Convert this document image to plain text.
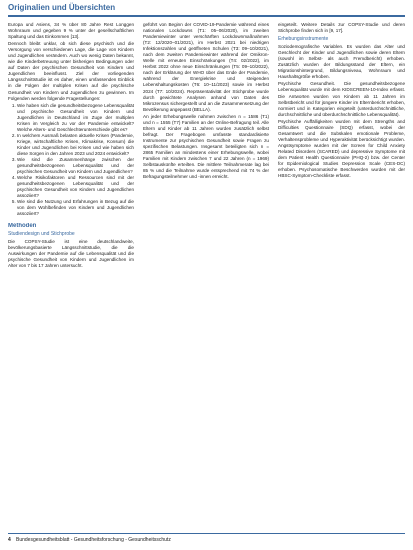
Originalien und Übersichten

Europa und Asiens, 34 % über 80 Jahre Rest Longgen Wohnraum und gegeben 9 % unter der gesellschaftlichen Spaltung und das Einkommen [13].

Dennoch bleibt unklar, ob sich diese psychisch und die Versorgung von verschiedenen Lage, die Lage von Kindern und Jugendlichen verändern. Auch wo wenig Daten bekannt, wie die Kinderbetreuung unter bisherigen Bedingungen oder auf Daten der psychischen Gesundheit von Kindern und Jugendlichen beeinflusst. Ziel der vorliegenden Längsschnittstudie ist es daher, einen umfassenden Einblick in die Folgen der multiplen Krisen auf die psychische Gesundheit von Kindern und Jugendlichen zu gewinnen. Im Folgenden werden folgende Fragestellungen:

1. Wie haben sich die gesundheitsbezogene Lebensqualität und psychische Gesundheit von Kindern und Jugendlichen in Deutschland im Zuge der multiplen Krisen im Vergleich zu vor der Pandemie entwickelt? Welche Alters- und Geschlechterunterschiede gibt es?
2. In welchem Ausmaß belasten aktuelle Krisen (Pandemie, Kriege, wirtschaftliche Krisen, Klimakrise, Konsum) die Kinder und Jugendlichen bei Krisen und wie haben sich diese Sorgen in den Jahren 2023 und 2024 entwickelt?
3. Wie sind die Zusammenhänge zwischen der gesundheitsbezogenen Lebensqualität und der psychischen Gesundheit von Kindern und Jugendlichen?
4. Welche Risikofaktoren und Ressourcen sind mit der gesundheitsbezogenen Lebensqualität und der psychischen Gesundheit von Kindern und Jugendlichen assoziiert?
5. Wie sind die Nutzung und Erfahrungen in Bezug auf die von dem Wohlbefinden von Kindern und Jugendlichen assoziiert?

Methoden

Studiendesign und Stichprobe

Die COPSY-Studie ist eine deutschlandweite, bevölkerungsbasierte Längsschnittstudie, die die Auswirkungen der Pandemie auf die Lebensqualität und die psychische Gesundheit von Kindern und Jugendlichen im Alter von 7 bis 17 Jahren untersucht.

geführt von Beginn der COVID-19-Pandemie während eines nationalen Lockdowns (T1: 05–06/2020), im zweiten Pandemiewinter unter verschärften Lockdownmaßnahmen (T2: 12/2020–01/2021), im Herbst 2021 bei niedrigen Infektionszahlen und geöffneten Schulen (T3: 09–10/2021), nach dem zweiten Pandemiewinter während der Omikron-Welle mit erneuten Einschränkungen (T4: 02/2022), im Herbst 2022 ohne neue Einschränkungen (T5: 09–10/2022), nach der Erklärung der WHO über das Ende der Pandemie, während der Energiekrise und steigenden Lebenshaltungskosten (T6: 10–11/2023) sowie im Herbst 2024 (T7: 10/2024). Repräsentativität der Stichprobe wurde durch gewichtete Analysen anhand von Daten des Mikrozensus sichergestellt und an die Zusammensetzung der Bevölkerung angepasst (BELLA).

An jeder Erhebungswelle nahmen zwischen n = 1586 (T1) und n = 1555 (T7) Familien an der Online-Befragung teil. Alle Eltern und Kinder ab 11 Jahren wurden zusätzlich selbst befragt. Der Fragebogen umfasste standardisierte Instrumente zur psychischen Gesundheit sowie Fragen zu spezifischen Belastungen. Insgesamt beteiligten sich n = 2865 Familien an mindestens einer Erhebungswelle, wobei Familien mit Kindern zwischen 7 und 22 Jahren (n = 1969) Selbstauskünfte erteilten. Die mittlere Teilnahmerate lag bei 85 % und die Teilnahme wurde entsprechend mit 74 % der Befragungsteilnehmer und -innen erreicht.

eingeteilt. Weitere Details zur COPSY-Studie und deren Stichprobe finden sich in [9, 17].

Erhebungsinstrumente

Soziodemografische Variablen. Es wurden das Alter und Geschlecht der Kinder und Jugendlichen sowie deren Eltern (sowohl im Selbst- als auch Fremdbericht) erhoben. Zusätzlich wurden der Bildungsstand der Eltern, ein Migrationshintergrund, Bildungsniveau, Wohnraum und Haushaltsgröße erhoben.

Psychische Gesundheit. Die gesundheitsbezogene Lebensqualität wurde mit dem KIDSCREEN-10-Index erfasst. Die Antworten wurden von Kindern ab 11 Jahren im Selbstbericht und für jüngere Kinder im Elternbericht erhoben, normiert und in Kategorien eingeteilt (unterdurchschnittliche, durchschnittliche und überdurchschnittliche Lebensqualität).

Psychische Auffälligkeiten wurden mit dem Strengths and Difficulties Questionnaire (SDQ) erfasst, wobei der Gesamtwert und die Subskalen emotionale Probleme, Verhaltensprobleme und Hyperaktivität berücksichtigt wurden. Angstsymptome wurden mit der Screen for Child Anxiety Related Disorders (SCARED) und depressive Symptome mit dem Patient Health Questionnaire (PHQ-2) bzw. der Center for Epidemiological Studies Depression Scale (CES-DC) erhoben. Psychosomatische Beschwerden wurden mit der HBSC-Symptom-Checkliste erfasst.

4 Bundesgesundheitsblatt - Gesundheitsforschung - Gesundheitsschutz
